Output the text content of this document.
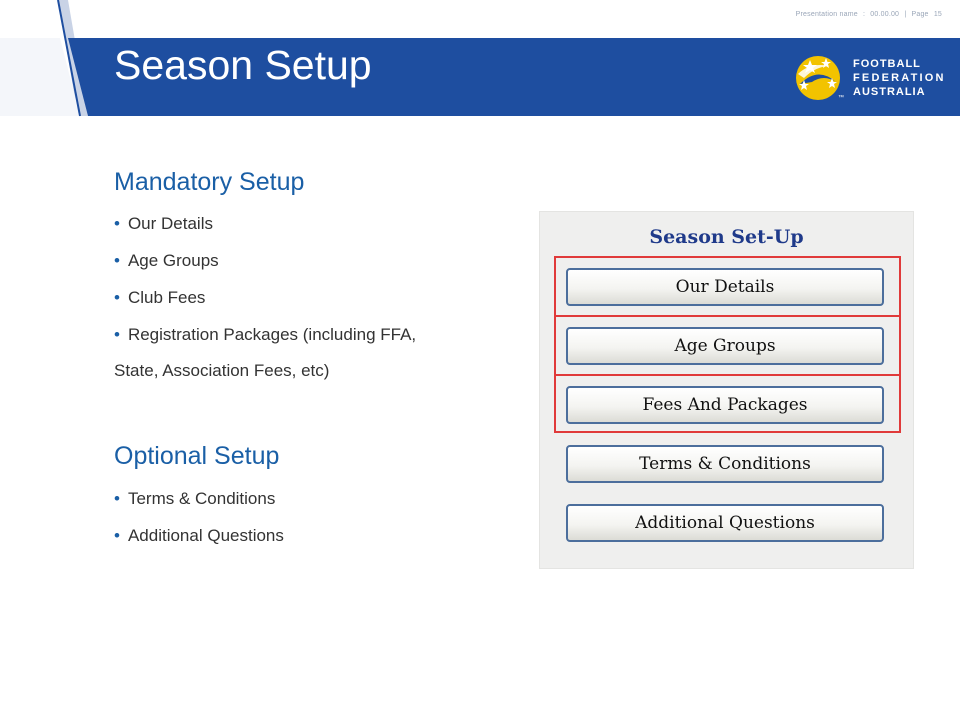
Presentation name : 00.00.00 | Page 15
Season Setup	FOOTBALL
FEDERATION
AUSTRALIA
™
Mandatory Setup
• Our Details
• Age Groups
• Club Fees
• Registration Packages (including FFA,
State, Association Fees, etc)
Optional Setup
• Terms & Conditions
• Additional Questions
Season Set-Up
Our Details
Age Groups
Fees And Packages
Terms & Conditions
Additional Questions
